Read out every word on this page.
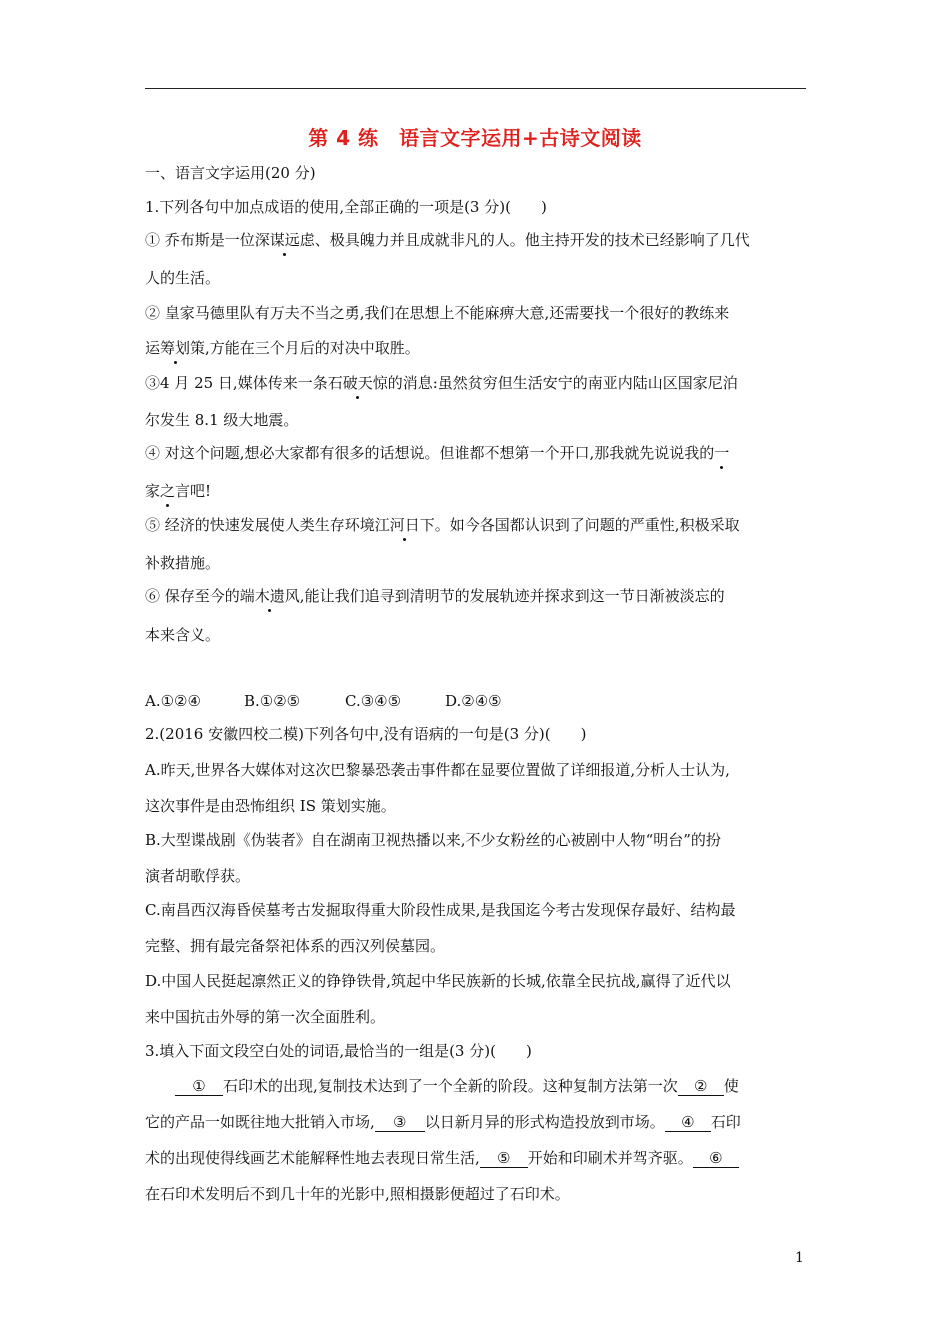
第 4 练　语言文字运用+古诗文阅读
一、语言文字运用(20 分)
1.下列各句中加点成语的使用,全部正确的一项是(3 分)(　　)
① 乔布斯是一位深谋远虑、极具魄力并且成就非凡的人。他主持开发的技术已经影响了几代
人的生活。
② 皇家马德里队有万夫不当之勇,我们在思想上不能麻痹大意,还需要找一个很好的教练来
运筹划策,方能在三个月后的对决中取胜。
③4 月 25 日,媒体传来一条石破天惊的消息:虽然贫穷但生活安宁的南亚内陆山区国家尼泊
尔发生 8.1 级大地震。
④ 对这个问题,想必大家都有很多的话想说。但谁都不想第一个开口,那我就先说说我的一
家之言吧!
⑤ 经济的快速发展使人类生存环境江河日下。如今各国都认识到了问题的严重性,积极采取
补救措施。
⑥ 保存至今的端木遗风,能让我们追寻到清明节的发展轨迹并探求到这一节日渐被淡忘的
本来含义。
A.①②④	B.①②⑤	C.③④⑤	D.②④⑤
2.(2016 安徽四校二模)下列各句中,没有语病的一句是(3 分)(　　)
A.昨天,世界各大媒体对这次巴黎暴恐袭击事件都在显要位置做了详细报道,分析人士认为,
这次事件是由恐怖组织 IS 策划实施。
B.大型谍战剧《伪装者》自在湖南卫视热播以来,不少女粉丝的心被剧中人物“明台”的扮
演者胡歌俘获。
C.南昌西汉海昏侯墓考古发掘取得重大阶段性成果,是我国迄今考古发现保存最好、结构最
完整、拥有最完备祭祀体系的西汉列侯墓园。
D.中国人民挺起凛然正义的铮铮铁骨,筑起中华民族新的长城,依靠全民抗战,赢得了近代以
来中国抗击外辱的第一次全面胜利。
3.填入下面文段空白处的词语,最恰当的一组是(3 分)(　　)
① 石印术的出现,复制技术达到了一个全新的阶段。这种复制方法第一次 ② 使
它的产品一如既往地大批销入市场, ③ 以日新月异的形式构造投放到市场。 ④ 石印
术的出现使得线画艺术能解释性地去表现日常生活, ⑤ 开始和印刷术并驾齐驱。 ⑥
在石印术发明后不到几十年的光影中,照相摄影便超过了石印术。
1
